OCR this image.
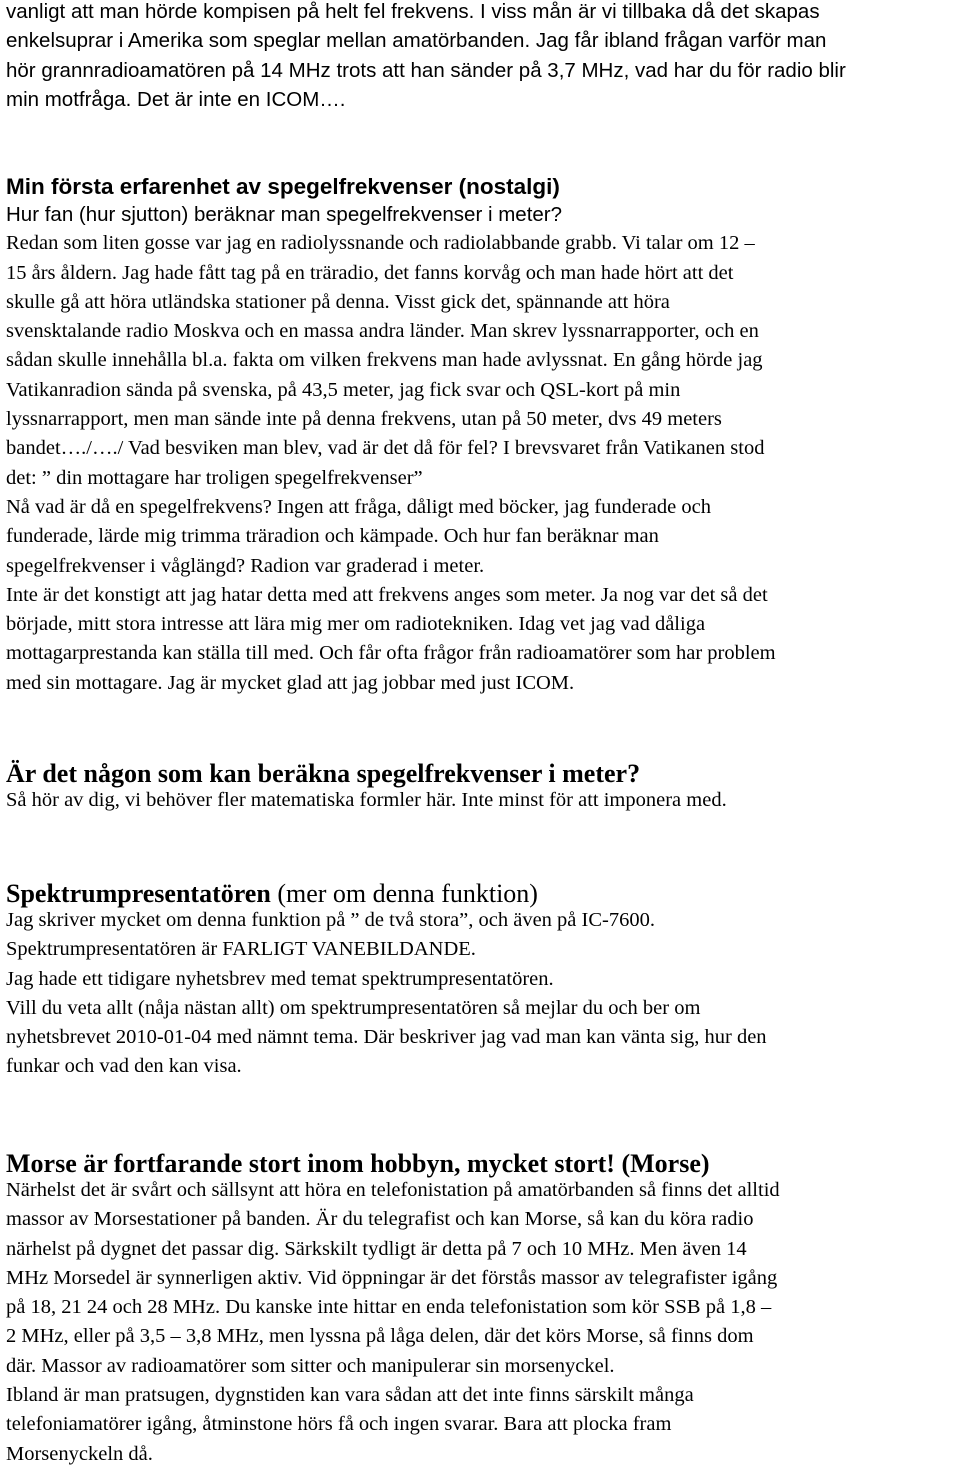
vanligt att man hörde kompisen på helt fel frekvens. I viss mån är vi tillbaka då det skapas
enkelsuprar i Amerika som speglar mellan amatörbanden. Jag får ibland frågan varför man
hör grannradioamatören på 14 MHz trots att han sänder på 3,7 MHz, vad har du för radio blir
min motfråga. Det är inte en ICOM….
Min första erfarenhet av spegelfrekvenser (nostalgi)
Hur fan (hur sjutton) beräknar man spegelfrekvenser i meter?
Redan som liten gosse var jag en radiolyssnande och radiolabbande grabb. Vi talar om 12 –
15 års åldern. Jag hade fått tag på en träradio, det fanns korvåg och man hade hört att det
skulle gå att höra utländska stationer på denna. Visst gick det, spännande att höra
svensktalande radio Moskva och en massa andra länder. Man skrev lyssnarrapporter, och en
sådan skulle innehålla bl.a. fakta om vilken frekvens man hade avlyssnat. En gång hörde jag
Vatikanradion sända på svenska, på 43,5 meter, jag fick svar och QSL-kort på min
lyssnarrapport, men man sände inte på denna frekvens, utan på 50 meter, dvs 49 meters
bandet…./…./ Vad besviken man blev, vad är det då för fel? I brevsvaret från Vatikanen stod
det: ” din mottagare har troligen spegelfrekvenser”
Nå vad är då en spegelfrekvens? Ingen att fråga, dåligt med böcker, jag funderade och
funderade, lärde mig trimma träradion och kämpade. Och hur fan beräknar man
spegelfrekvenser i våglängd? Radion var graderad i meter.
Inte är det konstigt att jag hatar detta med att frekvens anges som meter. Ja nog var det så det
började, mitt stora intresse att lära mig mer om radiotekniken. Idag vet jag vad dåliga
mottagarprestanda kan ställa till med. Och får ofta frågor från radioamatörer som har problem
med sin mottagare. Jag är mycket glad att jag jobbar med just ICOM.
Är det någon som kan beräkna spegelfrekvenser i meter?
Så hör av dig, vi behöver fler matematiska formler här. Inte minst för att imponera med.
Spektrumpresentatören (mer om denna funktion)
Jag skriver mycket om denna funktion på ” de två stora”, och även på IC-7600.
Spektrumpresentatören är FARLIGT VANEBILDANDE.
Jag hade ett tidigare nyhetsbrev med temat spektrumpresentatören.
Vill du veta allt (nåja nästan allt) om spektrumpresentatören så mejlar du och ber om
nyhetsbrevet 2010-01-04 med nämnt tema. Där beskriver jag vad man kan vänta sig, hur den
funkar och vad den kan visa.
Morse är fortfarande stort inom hobbyn, mycket stort! (Morse)
Närhelst det är svårt och sällsynt att höra en telefonistation på amatörbanden så finns det alltid
massor av Morsestationer på banden. Är du telegrafist och kan Morse, så kan du köra radio
närhelst på dygnet det passar dig. Särkskilt tydligt är detta på 7 och 10 MHz. Men även 14
MHz Morsedel är synnerligen aktiv. Vid öppningar är det förstås massor av telegrafister igång
på 18, 21 24 och 28 MHz. Du kanske inte hittar en enda telefonistation som kör SSB på 1,8 –
2 MHz, eller på 3,5 – 3,8 MHz, men lyssna på låga delen, där det körs Morse, så finns dom
där. Massor av radioamatörer som sitter och manipulerar sin morsenyckel.
Ibland är man pratsugen, dygnstiden kan vara sådan att det inte finns särskilt många
telefoniamatörer igång, åtminstone hörs få och ingen svarar. Bara att plocka fram
Morsenyckeln då.
